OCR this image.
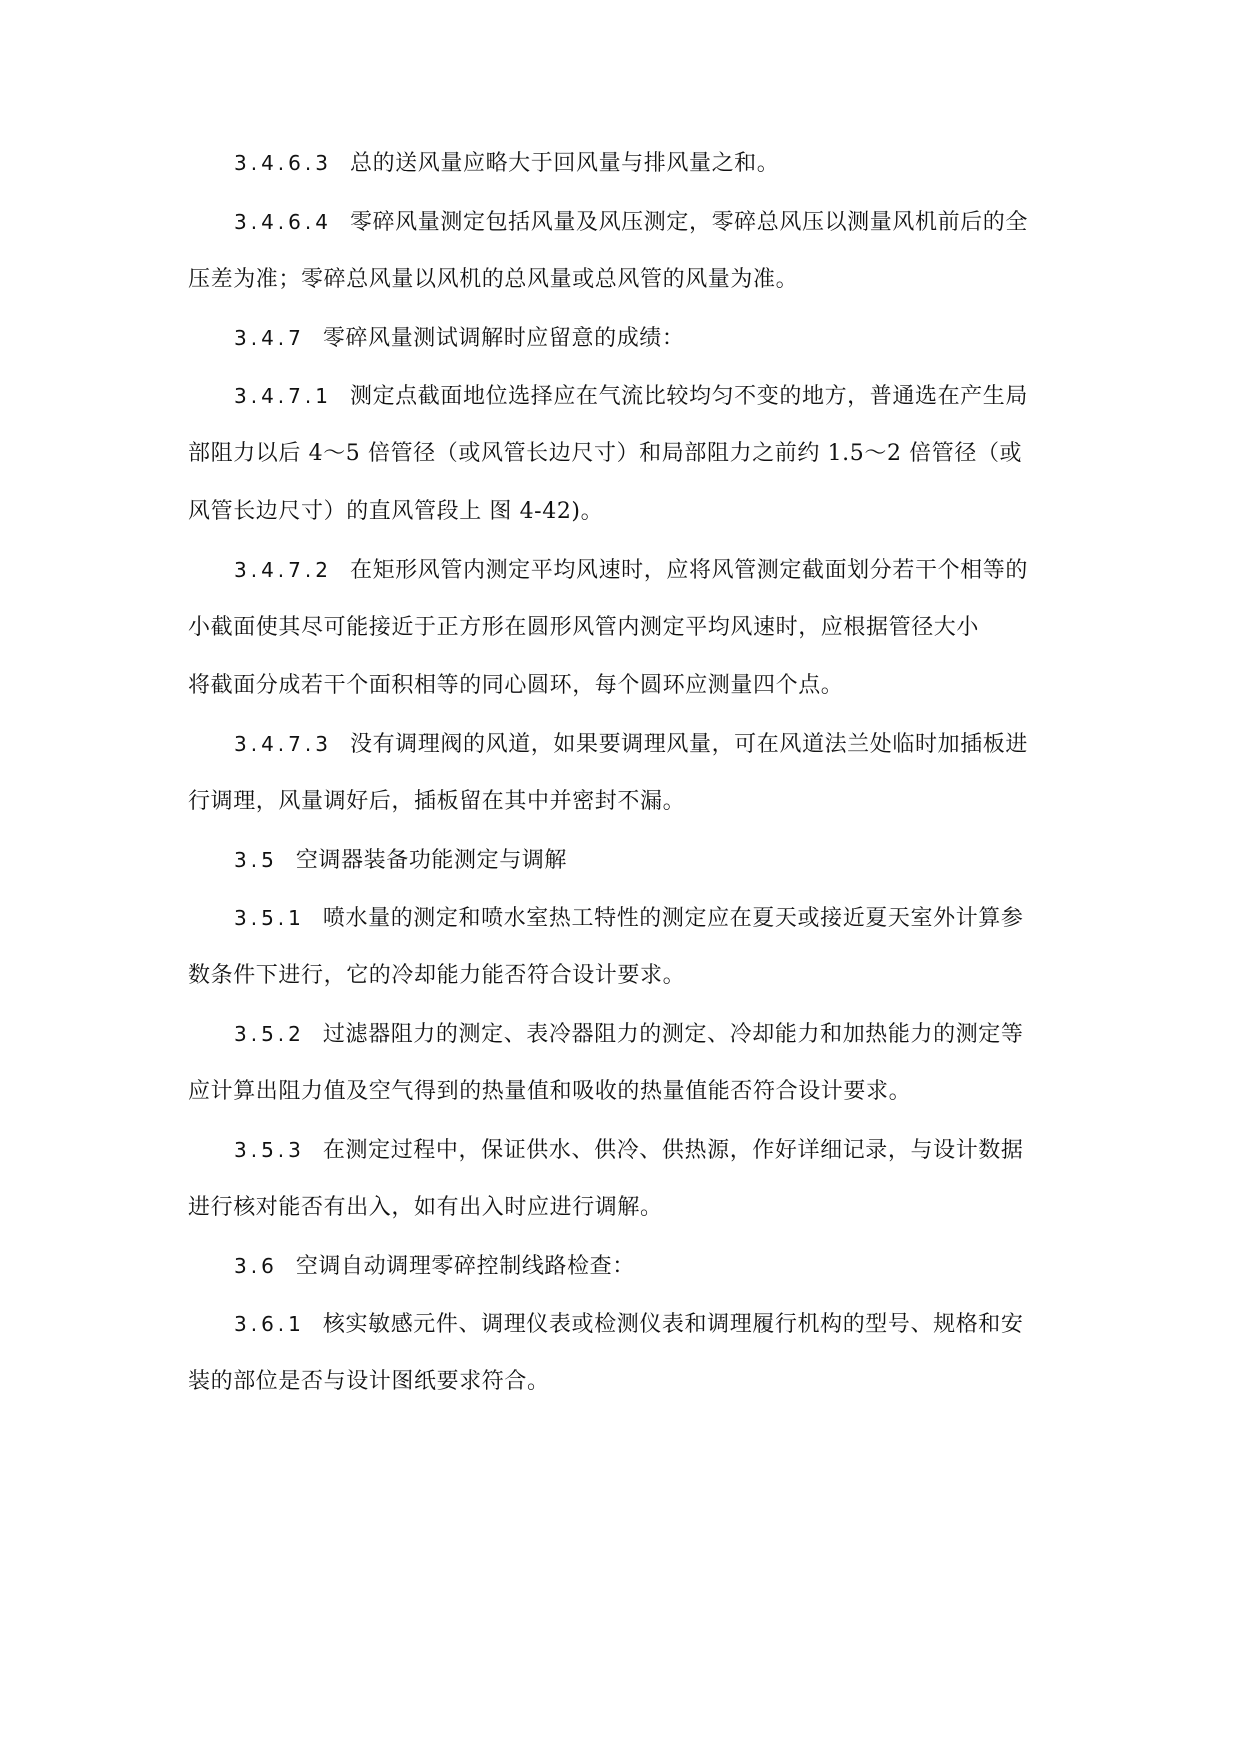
3.4.6.3 总的送风量应略大于回风量与排风量之和。
3.4.6.4 零碎风量测定包括风量及风压测定，零碎总风压以测量风机前后的全
压差为准；零碎总风量以风机的总风量或总风管的风量为准。
3.4.7 零碎风量测试调解时应留意的成绩：
3.4.7.1 测定点截面地位选择应在气流比较均匀不变的地方，普通选在产生局
部阻力以后 4～5 倍管径（或风管长边尺寸）和局部阻力之前约 1.5～2 倍管径（或
风管长边尺寸）的直风管段上 图 4-42)。
3.4.7.2 在矩形风管内测定平均风速时，应将风管测定截面划分若干个相等的
小截面使其尽可能接近于正方形在圆形风管内测定平均风速时，应根据管径大小
将截面分成若干个面积相等的同心圆环，每个圆环应测量四个点。
3.4.7.3 没有调理阀的风道，如果要调理风量，可在风道法兰处临时加插板进
行调理，风量调好后，插板留在其中并密封不漏。
3.5 空调器装备功能测定与调解
3.5.1 喷水量的测定和喷水室热工特性的测定应在夏天或接近夏天室外计算参
数条件下进行，它的冷却能力能否符合设计要求。
3.5.2 过滤器阻力的测定、表冷器阻力的测定、冷却能力和加热能力的测定等
应计算出阻力值及空气得到的热量值和吸收的热量值能否符合设计要求。
3.5.3 在测定过程中，保证供水、供冷、供热源，作好详细记录，与设计数据
进行核对能否有出入，如有出入时应进行调解。
3.6 空调自动调理零碎控制线路检查：
3.6.1 核实敏感元件、调理仪表或检测仪表和调理履行机构的型号、规格和安
装的部位是否与设计图纸要求符合。
